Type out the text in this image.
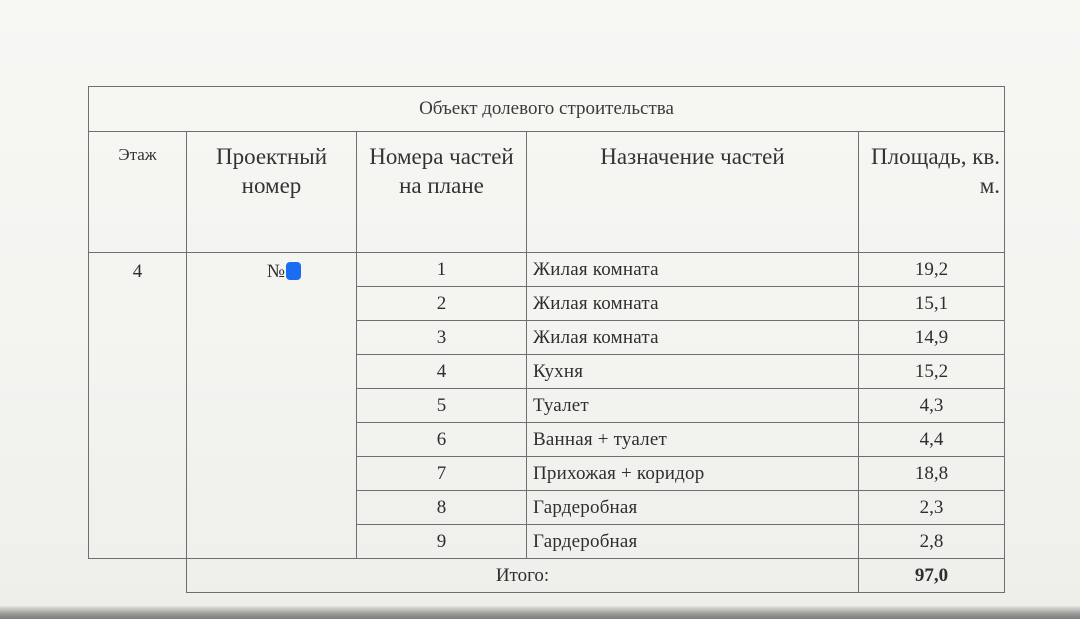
Объект долевого строительства				
Этаж	Проектный номер	Номера частей на плане	Назначение частей	Площадь, кв. м.
4	№	1	Жилая комната	19,2
		2	Жилая комната	15,1
		3	Жилая комната	14,9
		4	Кухня	15,2
		5	Туалет	4,3
		6	Ванная + туалет	4,4
		7	Прихожая + коридор	18,8
		8	Гардеробная	2,3
		9	Гардеробная	2,8
	Итого:			97,0
